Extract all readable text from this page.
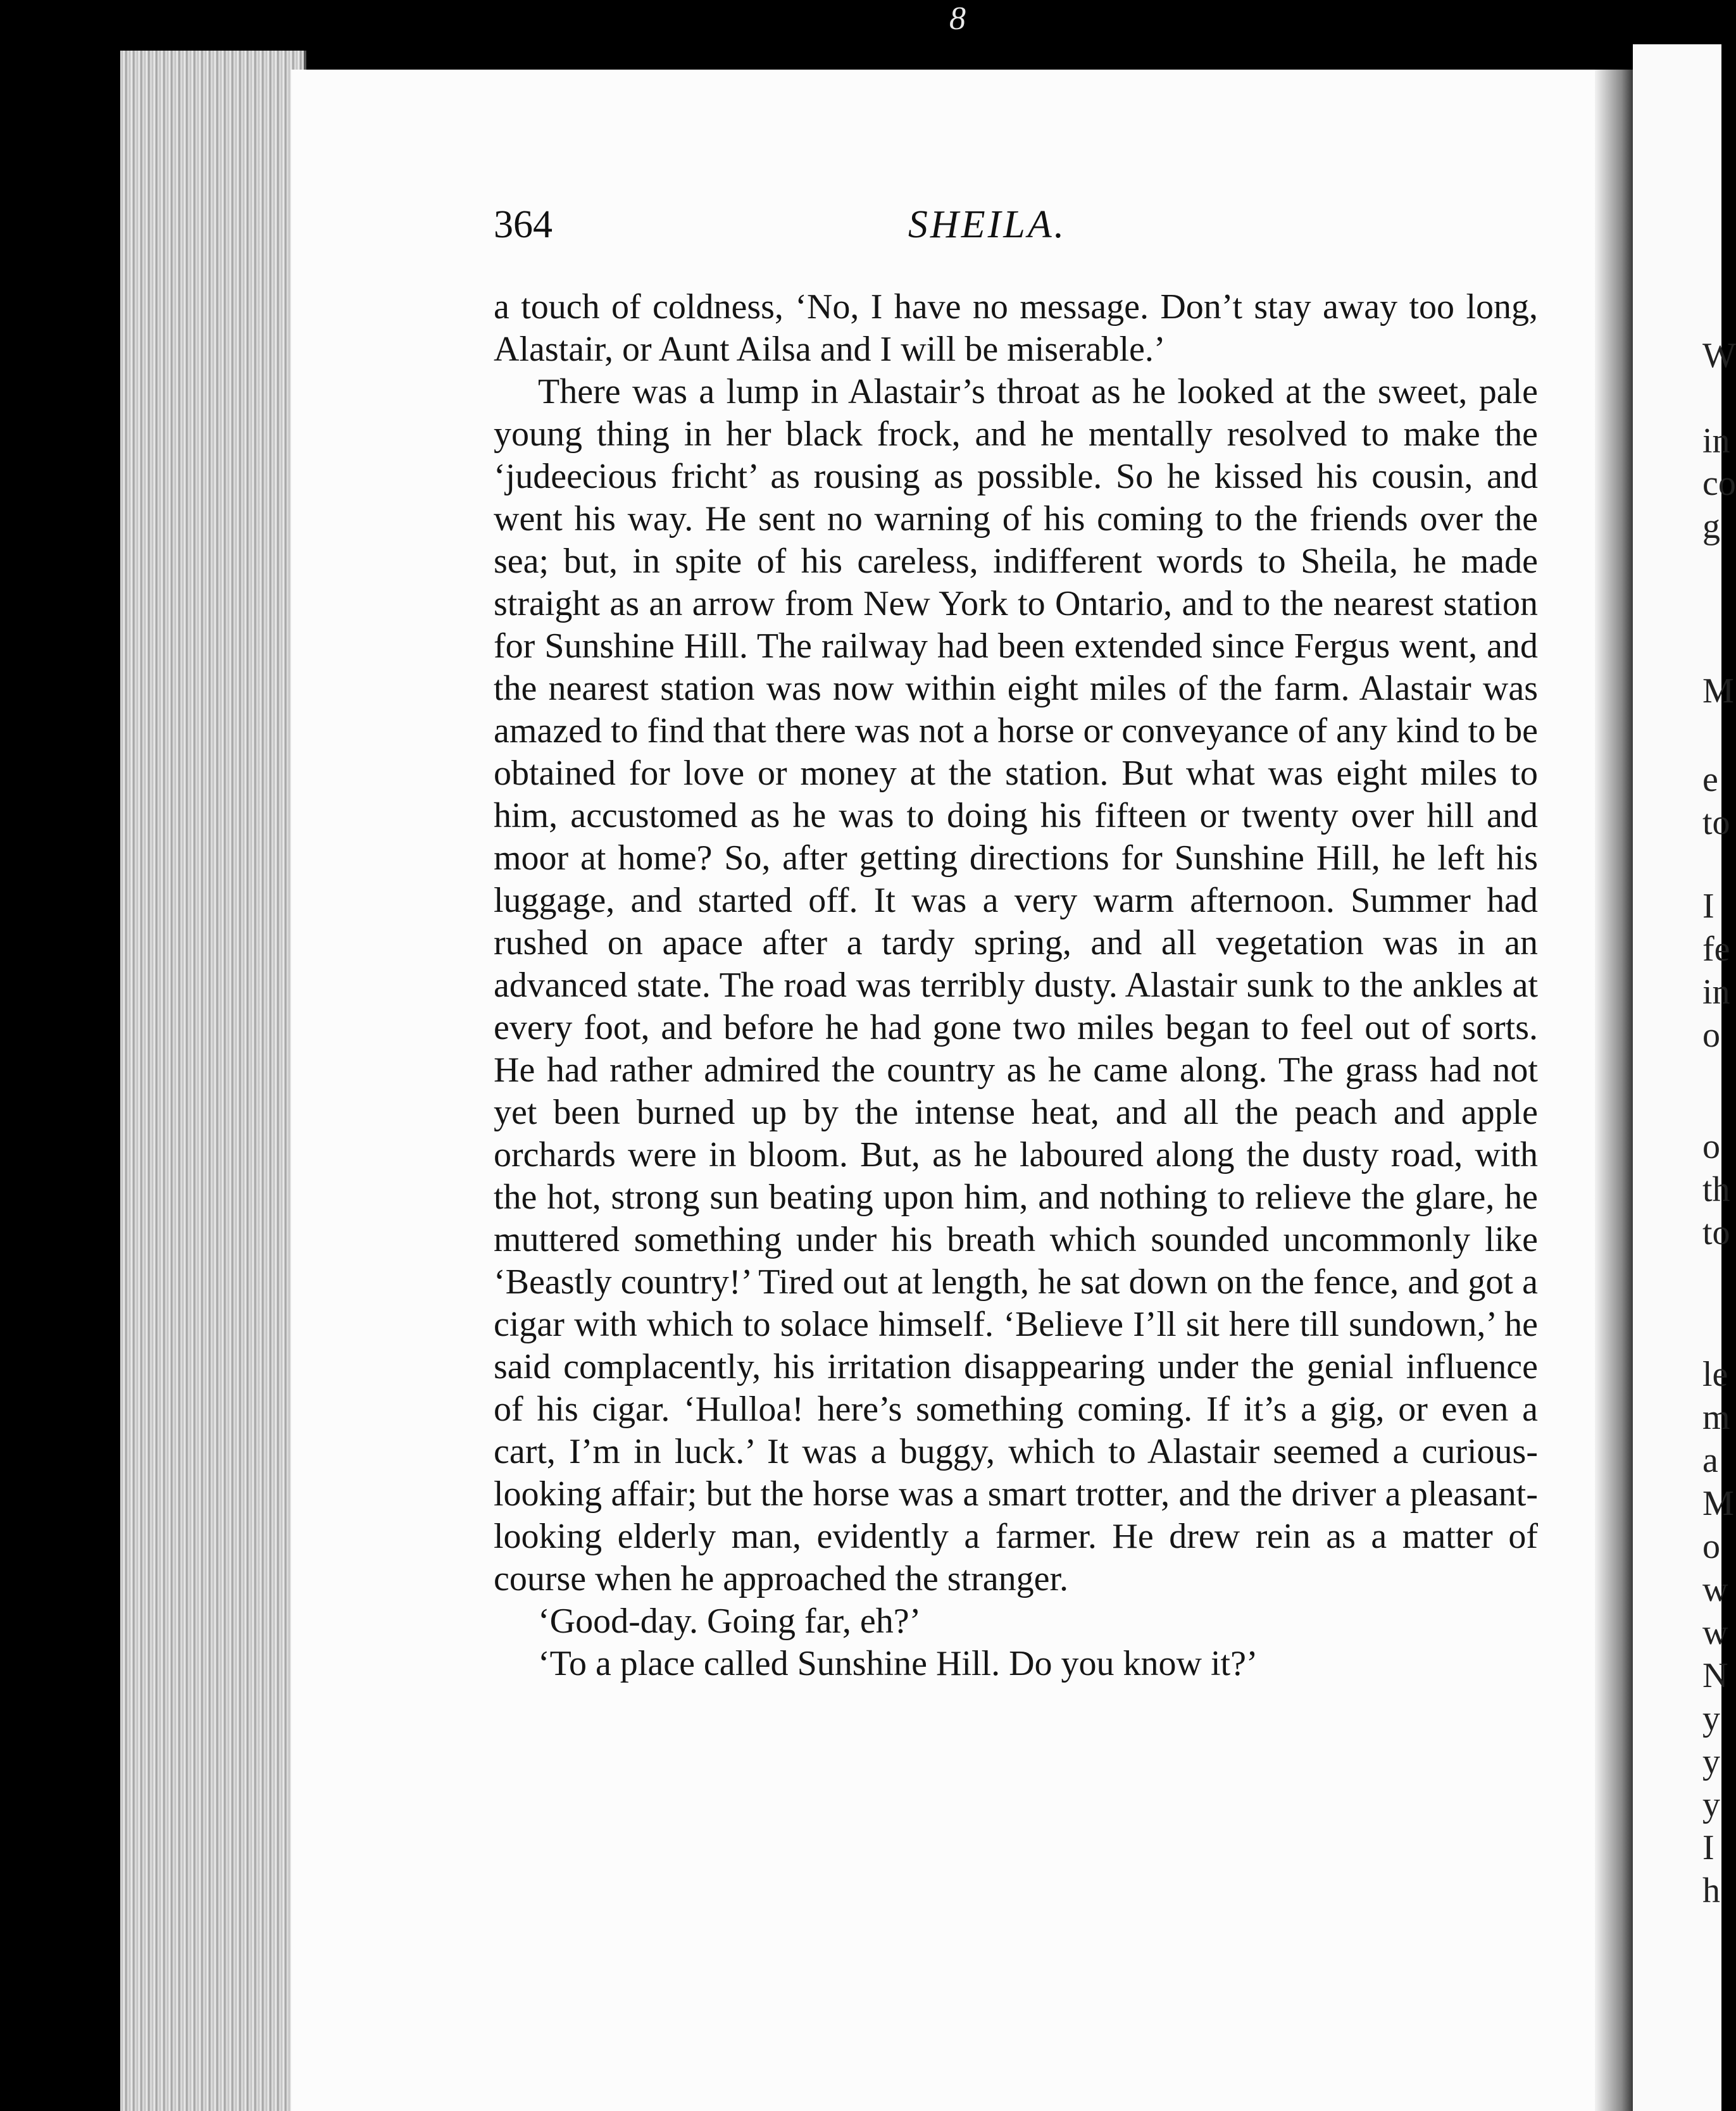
8
364	SHEILA.

a touch of coldness, ‘No, I have no message. Don’t stay away too long, Alastair, or Aunt Ailsa and I will be miserable.’

There was a lump in Alastair’s throat as he looked at the sweet, pale young thing in her black frock, and he mentally resolved to make the ‘judeecious fricht’ as rousing as possible. So he kissed his cousin, and went his way. He sent no warning of his coming to the friends over the sea; but, in spite of his careless, indifferent words to Sheila, he made straight as an arrow from New York to Ontario, and to the nearest station for Sunshine Hill. The railway had been extended since Fergus went, and the nearest station was now within eight miles of the farm. Alastair was amazed to find that there was not a horse or conveyance of any kind to be obtained for love or money at the station. But what was eight miles to him, accustomed as he was to doing his fifteen or twenty over hill and moor at home? So, after getting directions for Sunshine Hill, he left his luggage, and started off. It was a very warm afternoon. Summer had rushed on apace after a tardy spring, and all vegetation was in an advanced state. The road was terribly dusty. Alastair sunk to the ankles at every foot, and before he had gone two miles began to feel out of sorts. He had rather admired the country as he came along. The grass had not yet been burned up by the intense heat, and all the peach and apple orchards were in bloom. But, as he laboured along the dusty road, with the hot, strong sun beating upon him, and nothing to relieve the glare, he muttered something under his breath which sounded uncommonly like ‘Beastly country!’ Tired out at length, he sat down on the fence, and got a cigar with which to solace himself. ‘Believe I’ll sit here till sundown,’ he said complacently, his irritation disappearing under the genial influence of his cigar. ‘Hulloa! here’s something coming. If it’s a gig, or even a cart, I’m in luck.’ It was a buggy, which to Alastair seemed a curious-looking affair; but the horse was a smart trotter, and the driver a pleasant-looking elderly man, evidently a farmer. He drew rein as a matter of course when he approached the stranger.

‘Good-day. Going far, eh?’

‘To a place called Sunshine Hill. Do you know it?’

W
in
co
g
M
e
to
I
fe
in
o
o
th
to
le
m
a
M
o
w
w
N
y
y
y
I
h
